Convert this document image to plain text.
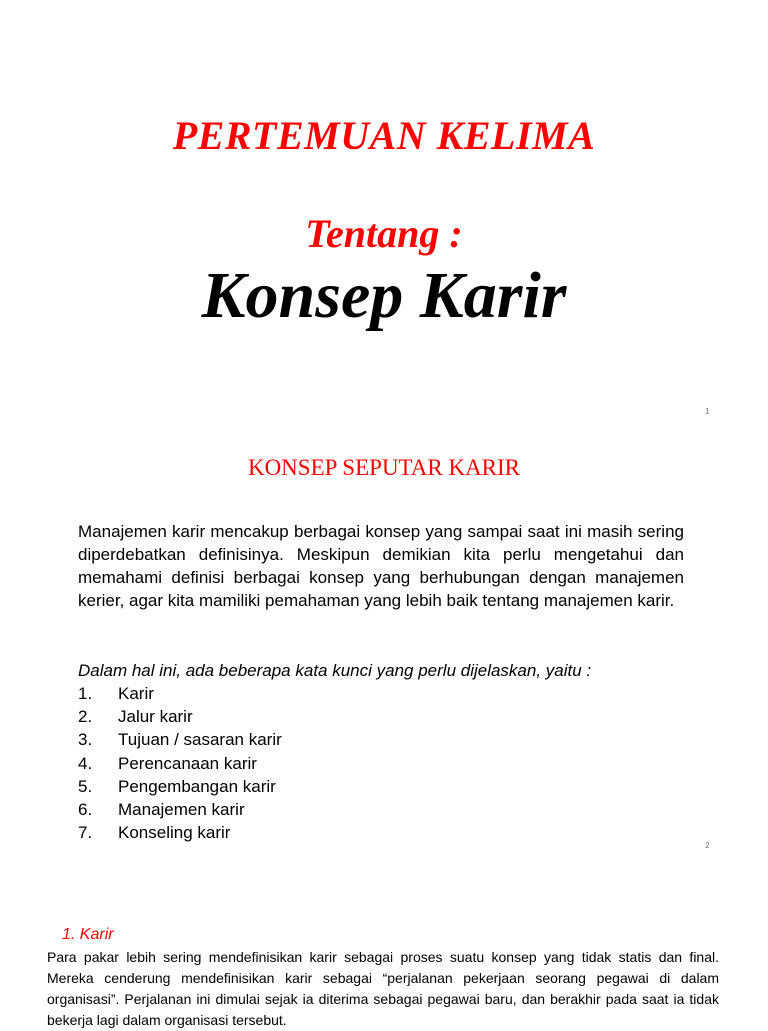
PERTEMUAN KELIMA
Tentang :
Konsep Karir
1
KONSEP SEPUTAR KARIR
Manajemen karir mencakup berbagai konsep yang sampai saat ini masih sering diperdebatkan definisinya. Meskipun demikian kita perlu mengetahui dan memahami definisi berbagai konsep yang berhubungan dengan manajemen kerier, agar kita mamiliki pemahaman yang lebih baik tentang manajemen karir.
Dalam hal ini, ada beberapa kata kunci yang perlu dijelaskan, yaitu :
1.	Karir
2.	Jalur karir
3.	Tujuan / sasaran karir
4.	Perencanaan karir
5.	Pengembangan karir
6.	Manajemen karir
7.	Konseling karir
2
1. Karir
Para pakar lebih sering mendefinisikan karir sebagai proses suatu konsep yang tidak statis dan final. Mereka cenderung mendefinisikan karir sebagai “perjalanan pekerjaan seorang pegawai di dalam organisasi”. Perjalanan ini dimulai sejak ia diterima sebagai pegawai baru, dan berakhir pada saat ia tidak bekerja lagi dalam organisasi tersebut.
